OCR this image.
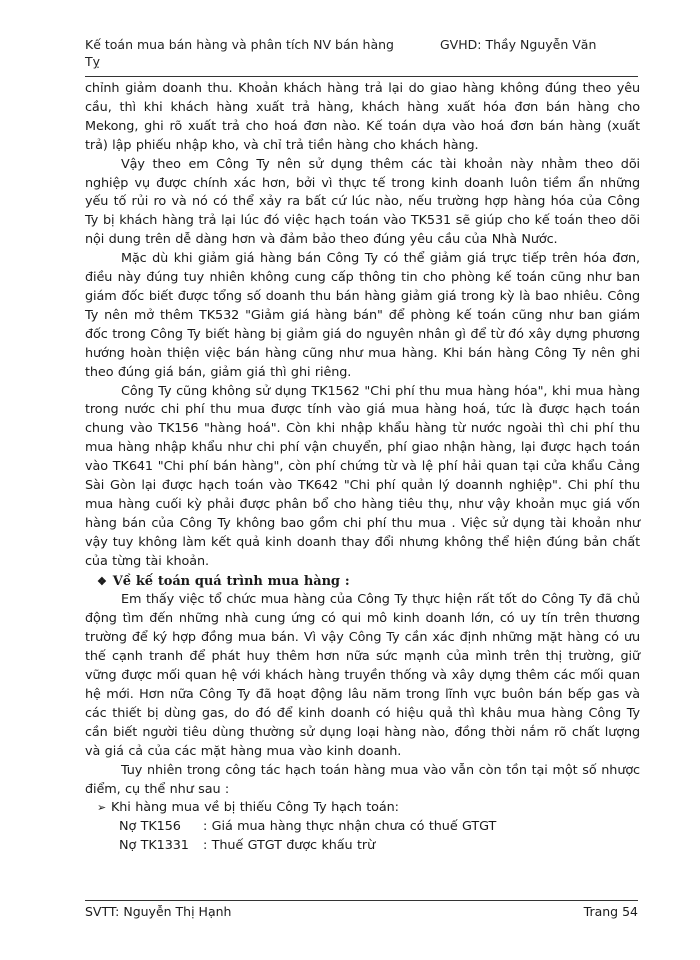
Kế toán mua bán hàng và phân tích NV bán hàng	GVHD: Thầy Nguyễn Văn
Tỵ

chỉnh giảm doanh thu. Khoản khách hàng trả lại do giao hàng không đúng theo yêu cầu, thì khi khách hàng xuất trả hàng, khách hàng xuất hóa đơn bán hàng cho Mekong, ghi rõ xuất trả cho hoá đơn nào. Kế toán dựa vào hoá đơn bán hàng (xuất trả) lập phiếu nhập kho, và chỉ trả tiền hàng cho khách hàng.

Vậy theo em Công Ty nên sử dụng thêm các tài khoản này nhằm theo dõi nghiệp vụ được chính xác hơn, bởi vì thực tế trong kinh doanh luôn tiềm ẩn những yếu tố rủi ro và nó có thể xảy ra bất cứ lúc nào, nếu trường hợp hàng hóa của Công Ty bị khách hàng trả lại lúc đó việc hạch toán vào TK531 sẽ giúp cho kế toán theo dõi nội dung trên dễ dàng hơn và đảm bảo theo đúng yêu cầu của Nhà Nước.

Mặc dù khi giảm giá hàng bán Công Ty có thể giảm giá trực tiếp trên hóa đơn, điều này đúng tuy nhiên không cung cấp thông tin cho phòng kế toán cũng như ban giám đốc biết được tổng số doanh thu bán hàng giảm giá trong kỳ là bao nhiêu. Công Ty nên mở thêm TK532 "Giảm giá hàng bán" để phòng kế toán cũng như ban giám đốc trong Công Ty biết hàng bị giảm giá do nguyên nhân gì để từ đó xây dựng phương hướng hoàn thiện việc bán hàng cũng như mua hàng. Khi bán hàng Công Ty nên ghi theo đúng giá bán, giảm giá thì ghi riêng.

Công Ty cũng không sử dụng TK1562 "Chi phí thu mua hàng hóa", khi mua hàng trong nước chi phí thu mua được tính vào giá mua hàng hoá, tức là được hạch toán chung vào TK156 "hàng hoá". Còn khi nhập khẩu hàng từ nước ngoài thì chi phí thu mua hàng nhập khẩu như chi phí vận chuyển, phí giao nhận hàng, lại được hạch toán vào TK641 "Chi phí bán hàng", còn phí chứng từ và lệ phí hải quan tại cửa khẩu Cảng Sài Gòn lại được hạch toán vào TK642 "Chi phí quản lý doannh nghiệp". Chi phí thu mua hàng cuối kỳ phải được phân bổ cho hàng tiêu thụ, như vậy khoản mục giá vốn hàng bán của Công Ty không bao gồm chi phí thu mua . Việc sử dụng tài khoản như vậy tuy không làm kết quả kinh doanh thay đổi nhưng không thể hiện đúng bản chất của từng tài khoản.

❖ Về kế toán quá trình mua hàng :

Em thấy việc tổ chức mua hàng của Công Ty thực hiện rất tốt do Công Ty đã chủ động tìm đến những nhà cung ứng có qui mô kinh doanh lớn, có uy tín trên thương trường để ký hợp đồng mua bán. Vì vậy Công Ty cần xác định những mặt hàng có ưu thế cạnh tranh để phát huy thêm hơn nữa sức mạnh của mình trên thị trường, giữ vững được mối quan hệ với khách hàng truyền thống và xây dựng thêm các mối quan hệ mới. Hơn nữa Công Ty đã hoạt động lâu năm trong lĩnh vực buôn bán bếp gas và các thiết bị dùng gas, do đó để kinh doanh có hiệu quả thì khâu mua hàng Công Ty cần biết người tiêu dùng thường sử dụng loại hàng nào, đồng thời nắm rõ chất lượng và giá cả của các mặt hàng mua vào kinh doanh.

Tuy nhiên trong công tác hạch toán hàng mua vào vẫn còn tồn tại một số nhược điểm, cụ thể như sau :

➢ Khi hàng mua về bị thiếu Công Ty hạch toán:
Nợ TK156 : Giá mua hàng thực nhận chưa có thuế GTGT
Nợ TK1331 : Thuế GTGT được khấu trừ
SVTT: Nguyễn Thị Hạnh	Trang 54
